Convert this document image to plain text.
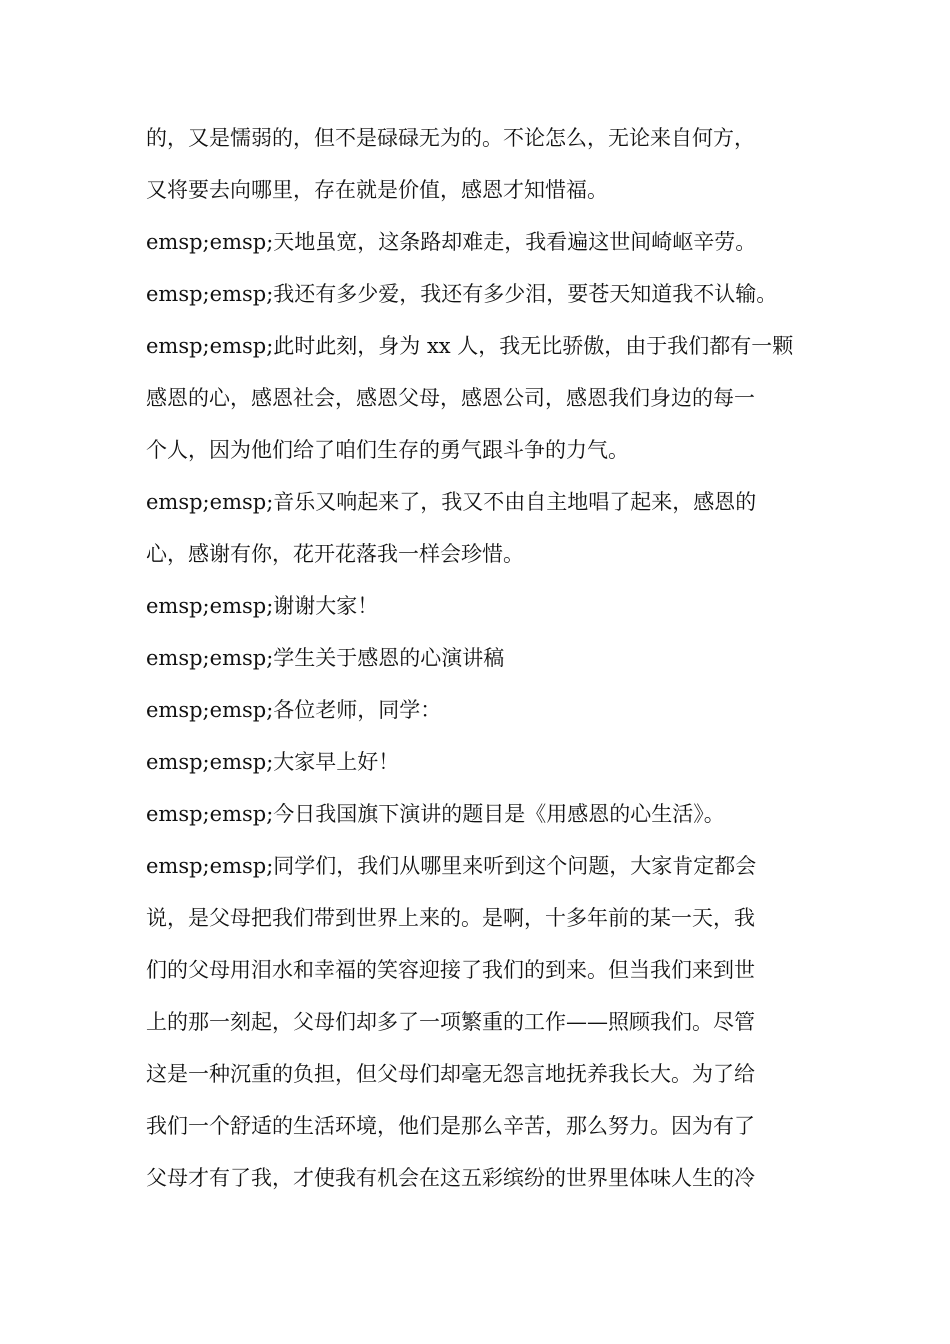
的，又是懦弱的，但不是碌碌无为的。不论怎么，无论来自何方，
又将要去向哪里，存在就是价值，感恩才知惜福。
emsp;emsp;天地虽宽，这条路却难走，我看遍这世间崎岖辛劳。
emsp;emsp;我还有多少爱，我还有多少泪，要苍天知道我不认输。
emsp;emsp;此时此刻，身为 xx 人，我无比骄傲，由于我们都有一颗
感恩的心，感恩社会，感恩父母，感恩公司，感恩我们身边的每一
个人，因为他们给了咱们生存的勇气跟斗争的力气。
emsp;emsp;音乐又响起来了，我又不由自主地唱了起来，感恩的
心，感谢有你，花开花落我一样会珍惜。
emsp;emsp;谢谢大家！
emsp;emsp;学生关于感恩的心演讲稿
emsp;emsp;各位老师，同学：
emsp;emsp;大家早上好！
emsp;emsp;今日我国旗下演讲的题目是《用感恩的心生活》。
emsp;emsp;同学们，我们从哪里来听到这个问题，大家肯定都会
说，是父母把我们带到世界上来的。是啊，十多年前的某一天，我
们的父母用泪水和幸福的笑容迎接了我们的到来。但当我们来到世
上的那一刻起，父母们却多了一项繁重的工作——照顾我们。尽管
这是一种沉重的负担，但父母们却毫无怨言地抚养我长大。为了给
我们一个舒适的生活环境，他们是那么辛苦，那么努力。因为有了
父母才有了我，才使我有机会在这五彩缤纷的世界里体味人生的冷
